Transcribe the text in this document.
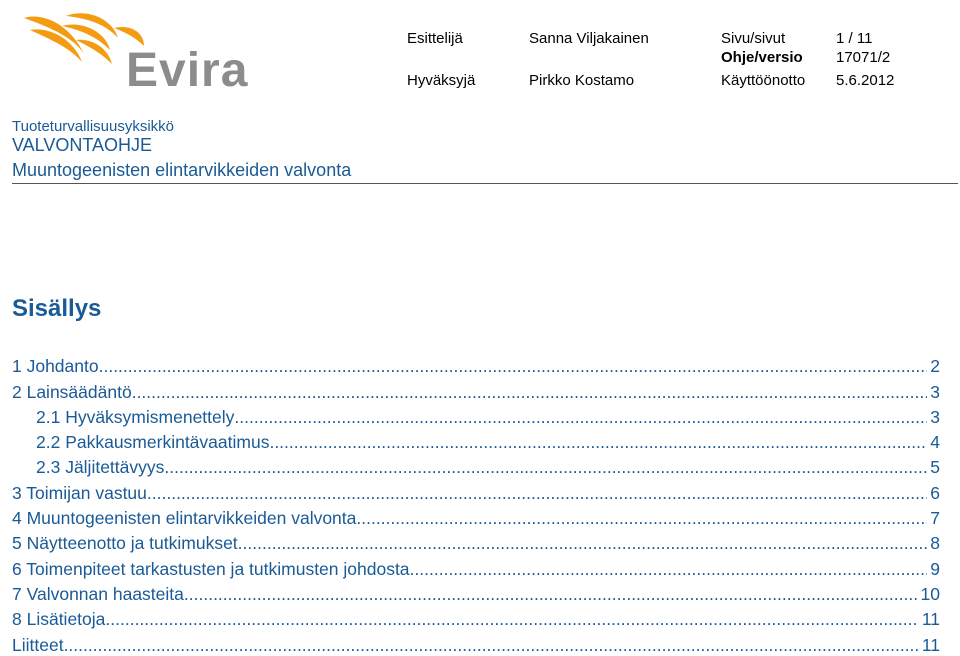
Evira
Esittelijä	Sanna Viljakainen	Sivu/sivut	1 / 11
Ohje/versio 17071/2
Hyväksyjä	Pirkko Kostamo	Käyttöönotto 5.6.2012
Tuoteturvallisuusyksikkö
VALVONTAOHJE
Muuntogeenisten elintarvikkeiden valvonta
Sisällys
1 Johdanto .....	2
2 Lainsäädäntö .....	3
2.1 Hyväksymismenettely .....	3
2.2 Pakkausmerkintävaatimus .....	4
2.3 Jäljitettävyys .....	5
3 Toimijan vastuu .....	6
4 Muuntogeenisten elintarvikkeiden valvonta .....	7
5 Näytteenotto ja tutkimukset .....	8
6 Toimenpiteet tarkastusten ja tutkimusten johdosta .....	9
7 Valvonnan haasteita .....	10
8 Lisätietoja .....	11
Liitteet .....	11
